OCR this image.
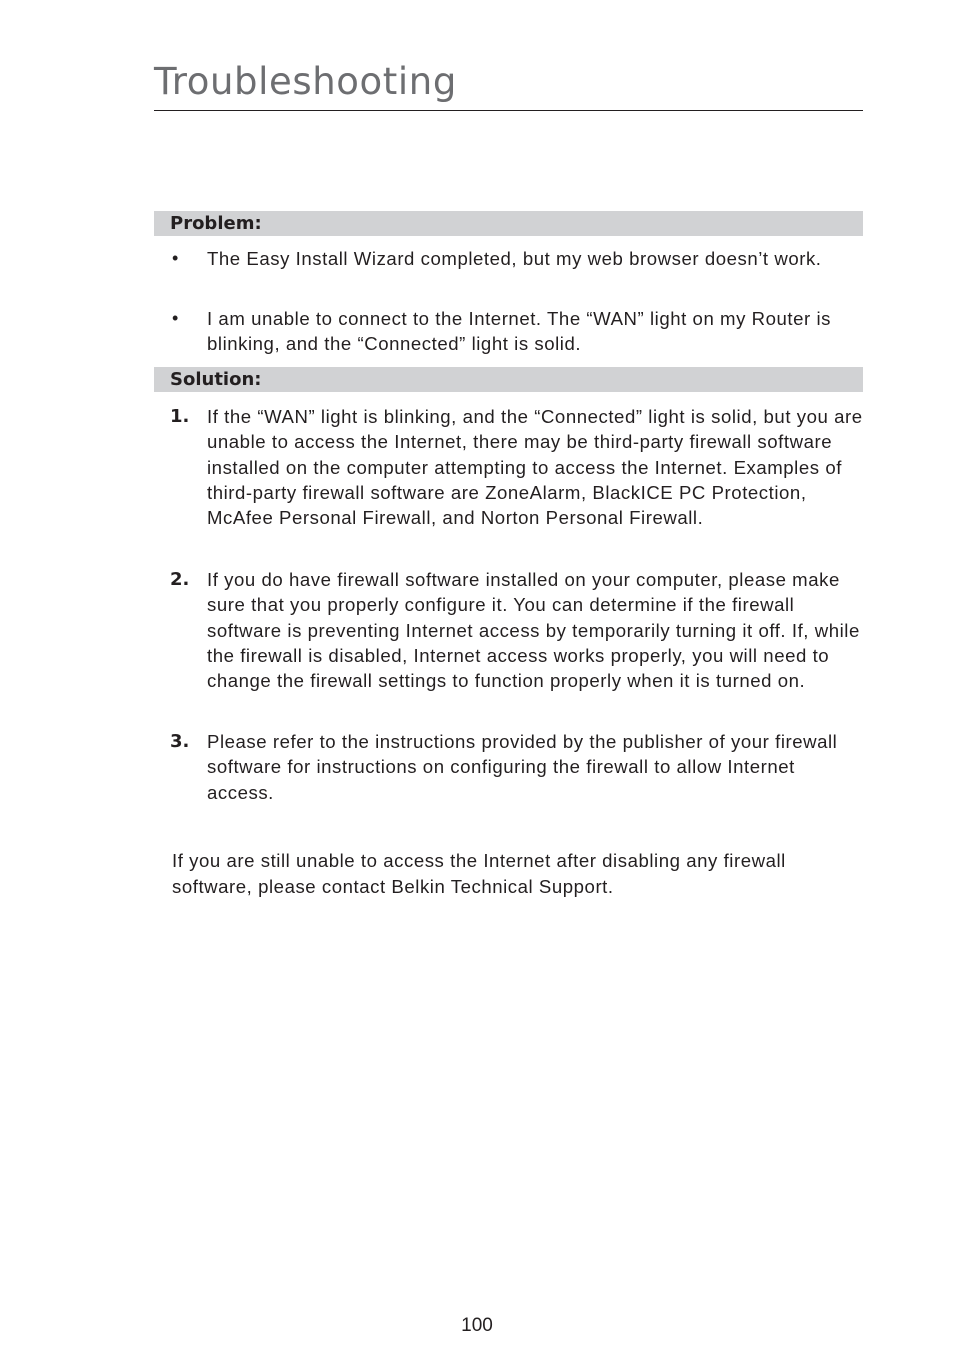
Troubleshooting
Problem:
• The Easy Install Wizard completed, but my web browser doesn’t work.
• I am unable to connect to the Internet. The “WAN” light on my Router is blinking, and the “Connected” light is solid.
Solution:
1. If the “WAN” light is blinking, and the “Connected” light is solid, but you are unable to access the Internet, there may be third-party firewall software installed on the computer attempting to access the Internet. Examples of third-party firewall software are ZoneAlarm, BlackICE PC Protection, McAfee Personal Firewall, and Norton Personal Firewall.
2. If you do have firewall software installed on your computer, please make sure that you properly configure it. You can determine if the firewall software is preventing Internet access by temporarily turning it off. If, while the firewall is disabled, Internet access works properly, you will need to change the firewall settings to function properly when it is turned on.
3. Please refer to the instructions provided by the publisher of your firewall software for instructions on configuring the firewall to allow Internet access.

If you are still unable to access the Internet after disabling any firewall software, please contact Belkin Technical Support.

100
